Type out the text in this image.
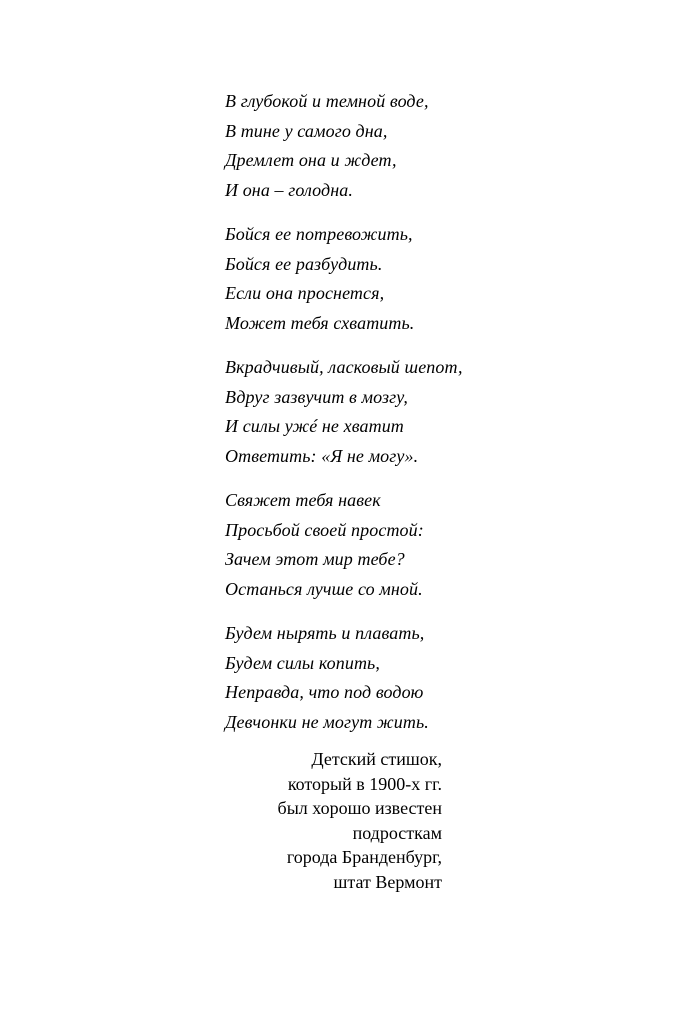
В глубокой и темной воде,
В тине у самого дна,
Дремлет она и ждет,
И она – голодна.
Бойся ее потревожить,
Бойся ее разбудить.
Если она проснется,
Может тебя схватить.
Вкрадчивый, ласковый шепот,
Вдруг зазвучит в мозгу,
И силы ужé не хватит
Ответить: «Я не могу».
Свяжет тебя навек
Просьбой своей простой:
Зачем этот мир тебе?
Останься лучше со мной.
Будем нырять и плавать,
Будем силы копить,
Неправда, что под водою
Девчонки не могут жить.
Детский стишок,
который в 1900-х гг.
был хорошо известен
подросткам
города Бранденбург,
штат Вермонт
